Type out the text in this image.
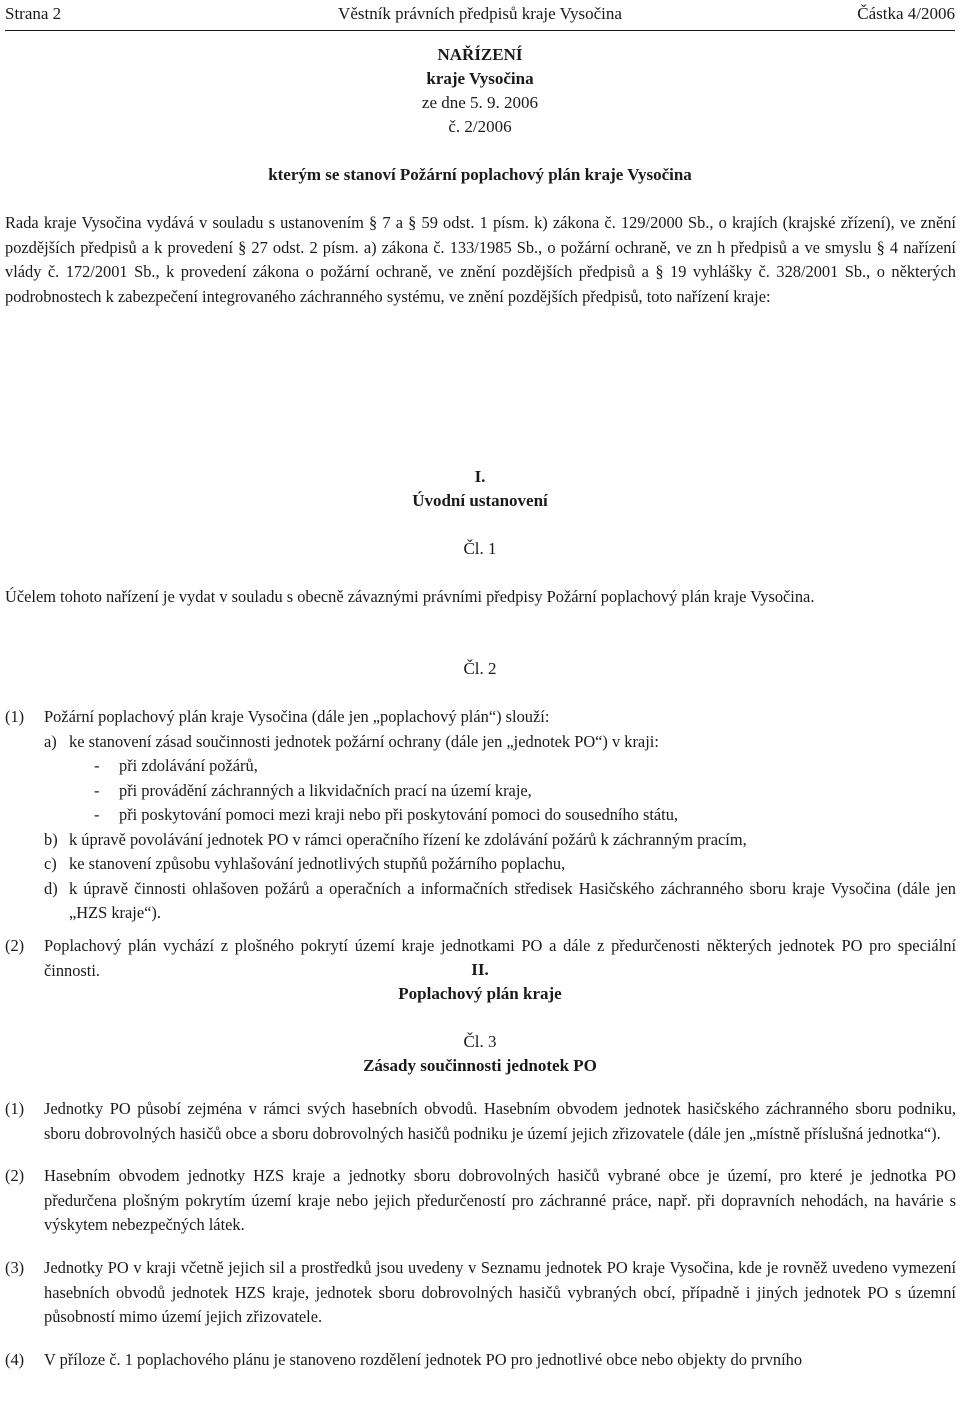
Strana 2	Věstník právních předpisů kraje Vysočina	Částka 4/2006
NAŘÍZENÍ
kraje Vysočina
ze dne 5. 9. 2006
č. 2/2006
kterým se stanoví Požární poplachový plán kraje Vysočina
Rada kraje Vysočina vydává v souladu s ustanovením § 7 a § 59 odst. 1 písm. k) zákona č. 129/2000 Sb., o krajích (krajské zřízení), ve znění pozdějších předpisů a k provedení § 27 odst. 2 písm. a) zákona č. 133/1985 Sb., o požární ochraně, ve zn h předpisů a ve smyslu § 4 nařízení vlády č. 172/2001 Sb., k provedení zákona o požární ochraně, ve znění pozdějších předpisů a § 19 vyhlášky č. 328/2001 Sb., o některých podrobnostech k zabezpečení integrovaného záchranného systému, ve znění pozdějších předpisů, toto nařízení kraje:
I.
Úvodní ustanovení
Čl. 1
Účelem tohoto nařízení je vydat v souladu s obecně závaznými právními předpisy Požární poplachový plán kraje Vysočina.
Čl. 2
(1) Požární poplachový plán kraje Vysočina (dále jen „poplachový plán“) slouží:
a) ke stanovení zásad součinnosti jednotek požární ochrany (dále jen „jednotek PO“) v kraji:
-	při zdolávání požárů,
-	při provádění záchranných a likvidačních prací na území kraje,
-	při poskytování pomoci mezi kraji nebo při poskytování pomoci do sousedního státu,
b) k úpravě povolávání jednotek PO v rámci operačního řízení ke zdolávání požárů k záchranným pracím,
c) ke stanovení způsobu vyhlašování jednotlivých stupňů požárního poplachu,
d) k úpravě činnosti ohlašoven požárů a operačních a informačních středisek Hasičského záchranného sboru kraje Vysočina (dále jen „HZS kraje“).
(2) Poplachový plán vychází z plošného pokrytí území kraje jednotkami PO a dále z předurčenosti některých jednotek PO pro speciální činnosti.	II.
Poplachový plán kraje
Čl. 3
Zásady součinnosti jednotek PO
(1) Jednotky PO působí zejména v rámci svých hasebních obvodů. Hasebním obvodem jednotek hasičského záchranného sboru podniku, sboru dobrovolných hasičů obce a sboru dobrovolných hasičů podniku je území jejich zřizovatele (dále jen „místně příslušná jednotka“).
(2) Hasebním obvodem jednotky HZS kraje a jednotky sboru dobrovolných hasičů vybrané obce je území, pro které je jednotka PO předurčena plošným pokrytím území kraje nebo jejich předurčeností pro záchranné práce, např. při dopravních nehodách, na havárie s výskytem nebezpečných látek.
(3) Jednotky PO v kraji včetně jejich sil a prostředků jsou uvedeny v Seznamu jednotek PO kraje Vysočina, kde je rovněž uvedeno vymezení hasebních obvodů jednotek HZS kraje, jednotek sboru dobrovolných hasičů vybraných obcí, případně i jiných jednotek PO s územní působností mimo území jejich zřizovatele.
(4) V příloze č. 1 poplachového plánu je stanoveno rozdělení jednotek PO pro jednotlivé obce nebo objekty do prvního
